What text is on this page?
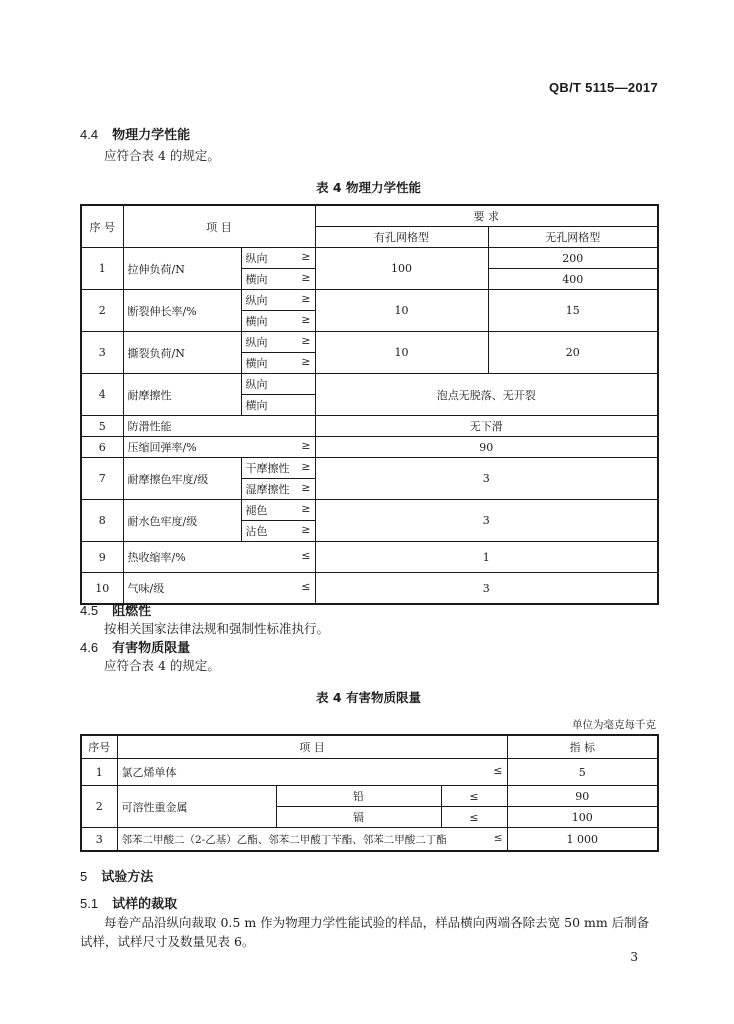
QB/T 5115—2017
4.4 物理力学性能
应符合表 4 的规定。
表 4 物理力学性能
序 号	项 目		要 求	
			有孔网格型	无孔网格型
1	拉伸负荷/N	纵向 ≥	100	200
		横向 ≥		400
2	断裂伸长率/%	纵向 ≥	10	15
		横向 ≥		

3	撕裂负荷/N	纵向 ≥	10	20
		横向 ≥		

4	耐摩擦性	纵向	泡点无脱落、无开裂	
		横向		
5	防滑性能		无下滑	
6	压缩回弹率/% ≥		90	
7	耐摩擦色牢度/级	干摩擦性 ≥	3	
		湿摩擦性 ≥		

8	耐水色牢度/级	褪色 ≥	3	
		沾色 ≥		

9	热收缩率/% ≤		1	
10	气味/级 ≤		3	
4.5 阻燃性
按相关国家法律法规和强制性标准执行。
4.6 有害物质限量
应符合表 4 的规定。
表 4 有害物质限量
单位为毫克每千克
序号	项 目			指 标
1	氯乙烯单体 ≤			5
2	可溶性重金属	铅	≤	90
		镉	≤	100
3	邻苯二甲酸二（2-乙基）乙酯、邻苯二甲酸丁苄酯、邻苯二甲酸二丁酯 ≤			1 000
5 试验方法
5.1 试样的裁取
每卷产品沿纵向裁取 0.5 m 作为物理力学性能试验的样品，样品横向两端各除去宽 50 mm 后制备
试样，试样尺寸及数量见表 6。
3
